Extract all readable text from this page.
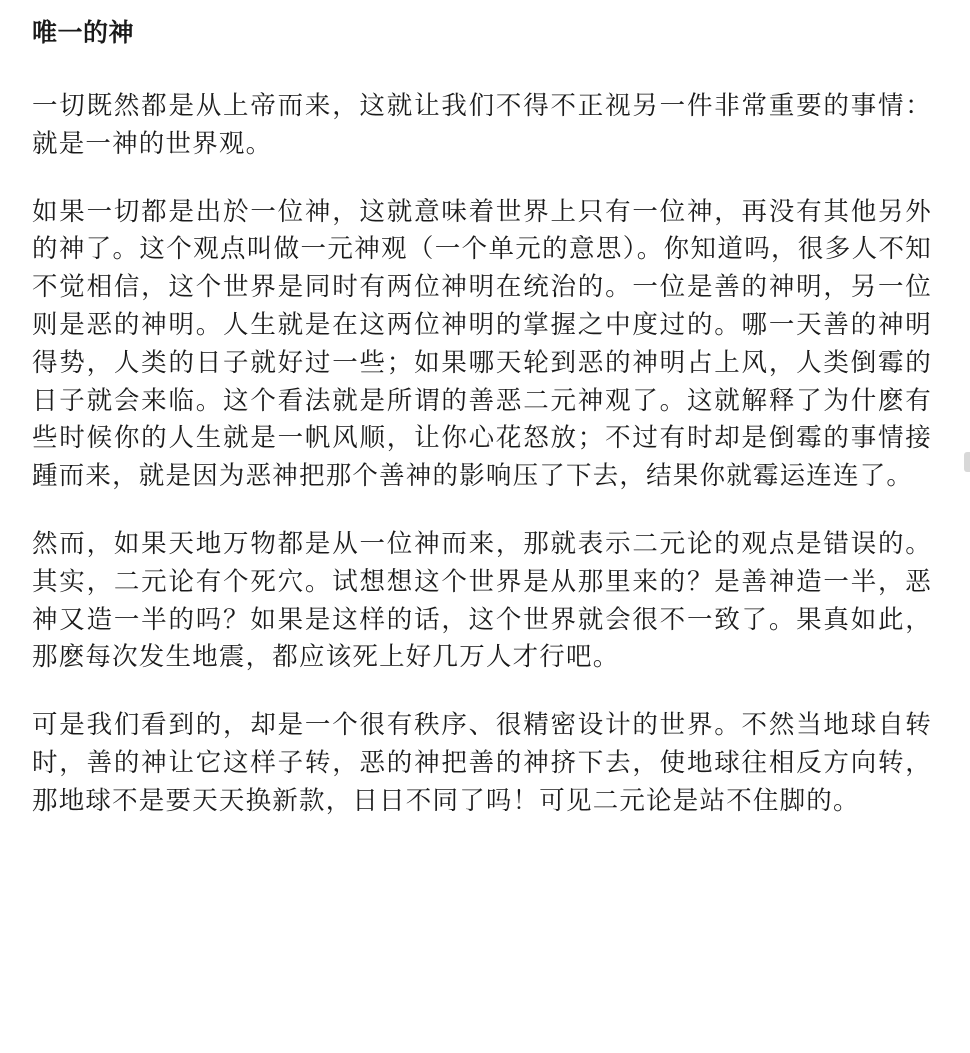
唯一的神

一切既然都是从上帝而来，这就让我们不得不正视另一件非常重要的事情：就是一神的世界观。

如果一切都是出於一位神，这就意味着世界上只有一位神，再没有其他另外的神了。这个观点叫做一元神观（一个单元的意思）。你知道吗，很多人不知不觉相信，这个世界是同时有两位神明在统治的。一位是善的神明，另一位则是恶的神明。人生就是在这两位神明的掌握之中度过的。哪一天善的神明得势，人类的日子就好过一些；如果哪天轮到恶的神明占上风，人类倒霉的日子就会来临。这个看法就是所谓的善恶二元神观了。这就解释了为什麽有些时候你的人生就是一帆风顺，让你心花怒放；不过有时却是倒霉的事情接踵而来，就是因为恶神把那个善神的影响压了下去，结果你就霉运连连了。

然而，如果天地万物都是从一位神而来，那就表示二元论的观点是错误的。其实，二元论有个死穴。试想想这个世界是从那里来的？是善神造一半，恶神又造一半的吗？如果是这样的话，这个世界就会很不一致了。果真如此，那麽每次发生地震，都应该死上好几万人才行吧。

可是我们看到的，却是一个很有秩序、很精密设计的世界。不然当地球自转时，善的神让它这样子转，恶的神把善的神挤下去，使地球往相反方向转，那地球不是要天天换新款，日日不同了吗！可见二元论是站不住脚的。
